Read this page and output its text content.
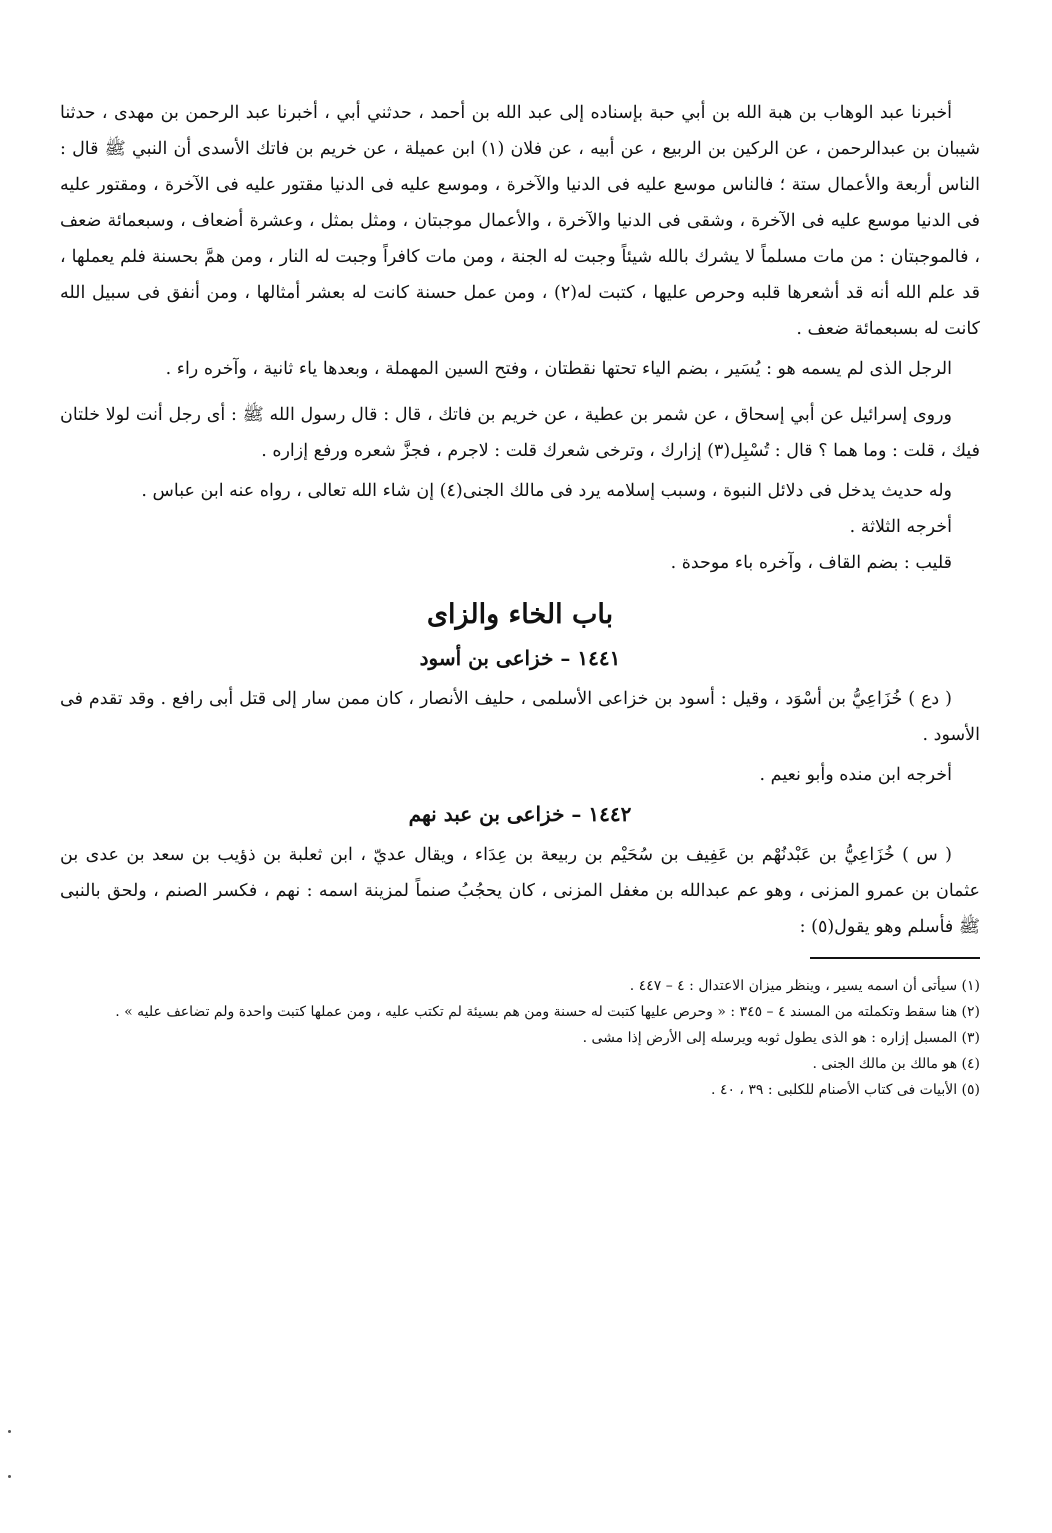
أخبرنا عبد الوهاب بن هبة الله بن أبي حبة بإسناده إلى عبد الله بن أحمد ، حدثني أبي ، أخبرنا عبد الرحمن بن مهدى ، حدثنا شيبان بن عبدالرحمن ، عن الركين بن الربيع ، عن أبيه ، عن فلان (١) ابن عميلة ، عن خريم بن فاتك الأسدى أن النبي ﷺ قال : الناس أربعة والأعمال ستة ؛ فالناس موسع عليه فى الدنيا والآخرة ، وموسع عليه فى الدنيا مقتور عليه فى الآخرة ، ومقتور عليه فى الدنيا موسع عليه فى الآخرة ، وشقى فى الدنيا والآخرة ، والأعمال موجبتان ، ومثل بمثل ، وعشرة أضعاف ، وسبعمائة ضعف ، فالموجبتان : من مات مسلماً لا يشرك بالله شيئاً وجبت له الجنة ، ومن مات كافراً وجبت له النار ، ومن همَّ بحسنة فلم يعملها ، قد علم الله أنه قد أشعرها قلبه وحرص عليها ، كتبت له(٢) ، ومن عمل حسنة كانت له بعشر أمثالها ، ومن أنفق فى سبيل الله كانت له بسبعمائة ضعف .

الرجل الذى لم يسمه هو : يُسَير ، بضم الياء تحتها نقطتان ، وفتح السين المهملة ، وبعدها ياء ثانية ، وآخره راء .

وروى إسرائيل عن أبي إسحاق ، عن شمر بن عطية ، عن خريم بن فاتك ، قال : قال رسول الله ﷺ : أى رجل أنت لولا خلتان فيك ، قلت : وما هما ؟ قال : تُسْبِل(٣) إزارك ، وترخى شعرك قلت : لاجرم ، فجزَّ شعره ورفع إزاره .

وله حديث يدخل فى دلائل النبوة ، وسبب إسلامه يرد فى مالك الجنى(٤) إن شاء الله تعالى ، رواه عنه ابن عباس .

أخرجه الثلاثة .

قليب : بضم القاف ، وآخره باء موحدة .

باب الخاء والزاى
١٤٤١ – خزاعى بن أسود

( دع ) خُزَاعِيُّ بن أسْوَد ، وقيل : أسود بن خزاعى الأسلمى ، حليف الأنصار ، كان ممن سار إلى قتل أبى رافع . وقد تقدم فى الأسود .

أخرجه ابن منده وأبو نعيم .

١٤٤٢ – خزاعى بن عبد نهم

( س ) خُزَاعِيُّ بن عَبْدنُهْم بن عَفِيف بن سُحَيْم بن ربيعة بن عِدَاء ، ويقال عديّ ، ابن ثعلبة بن ذؤيب بن سعد بن عدى بن عثمان بن عمرو المزنى ، وهو عم عبدالله بن مغفل المزنى ، كان يحجُبُ صنماً لمزينة اسمه : نهم ، فكسر الصنم ، ولحق بالنبى ﷺ فأسلم وهو يقول(٥) :

(١) سيأتى أن اسمه يسير ، وينظر ميزان الاعتدال : ٤ – ٤٤٧ .

(٢) هنا سقط وتكملته من المسند ٤ – ٣٤٥ : « وحرص عليها كتبت له حسنة ومن هم بسيئة لم تكتب عليه ، ومن عملها كتبت واحدة ولم تضاعف عليه » .

(٣) المسبل إزاره : هو الذى يطول ثوبه ويرسله إلى الأرض إذا مشى .

(٤) هو مالك بن مالك الجنى .

(٥) الأبيات فى كتاب الأصنام للكلبى : ٣٩ ، ٤٠ .
